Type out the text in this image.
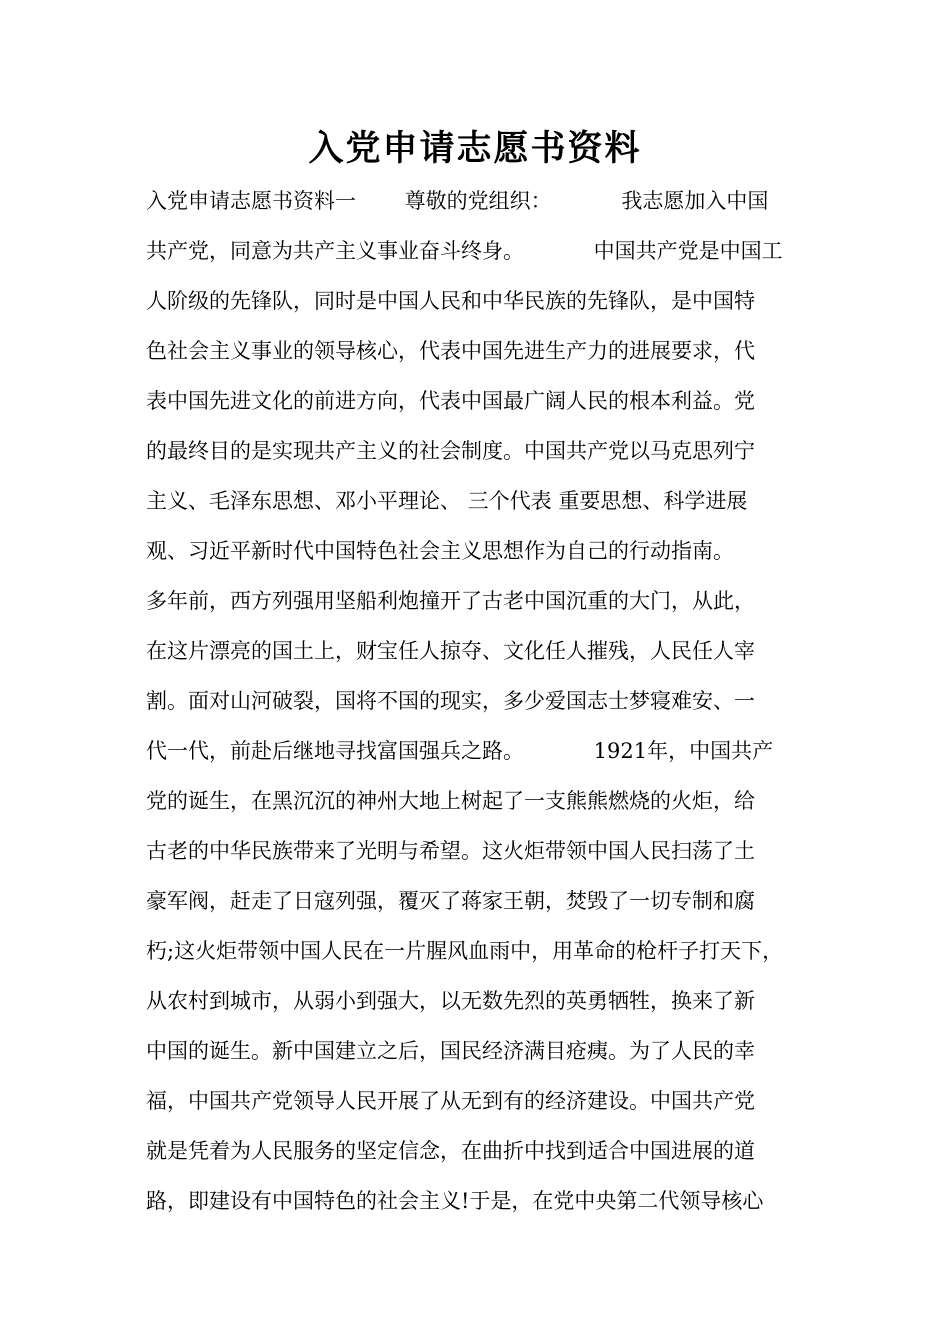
入党申请志愿书资料

入党申请志愿书资料一 　　尊敬的党组织： 　　　我志愿加入中国

共产党，同意为共产主义事业奋斗终身。 　　　中国共产党是中国工

人阶级的先锋队，同时是中国人民和中华民族的先锋队，是中国特

色社会主义事业的领导核心，代表中国先进生产力的进展要求，代

表中国先进文化的前进方向，代表中国最广阔人民的根本利益。党

的最终目的是实现共产主义的社会制度。中国共产党以马克思列宁

主义、毛泽东思想、邓小平理论、 三个代表 重要思想、科学进展

观、习近平新时代中国特色社会主义思想作为自己的行动指南。

多年前，西方列强用坚船利炮撞开了古老中国沉重的大门，从此，

在这片漂亮的国土上，财宝任人掠夺、文化任人摧残，人民任人宰

割。面对山河破裂，国将不国的现实，多少爱国志士梦寝难安、一

代一代，前赴后继地寻找富国强兵之路。 　　　1921年，中国共产

党的诞生，在黑沉沉的神州大地上树起了一支熊熊燃烧的火炬，给

古老的中华民族带来了光明与希望。这火炬带领中国人民扫荡了土

豪军阀，赶走了日寇列强，覆灭了蒋家王朝，焚毁了一切专制和腐

朽;这火炬带领中国人民在一片腥风血雨中，用革命的枪杆子打天下，

从农村到城市，从弱小到强大，以无数先烈的英勇牺牲，换来了新

中国的诞生。新中国建立之后，国民经济满目疮痍。为了人民的幸

福，中国共产党领导人民开展了从无到有的经济建设。中国共产党

就是凭着为人民服务的坚定信念，在曲折中找到适合中国进展的道

路，即建设有中国特色的社会主义!于是，在党中央第二代领导核心
